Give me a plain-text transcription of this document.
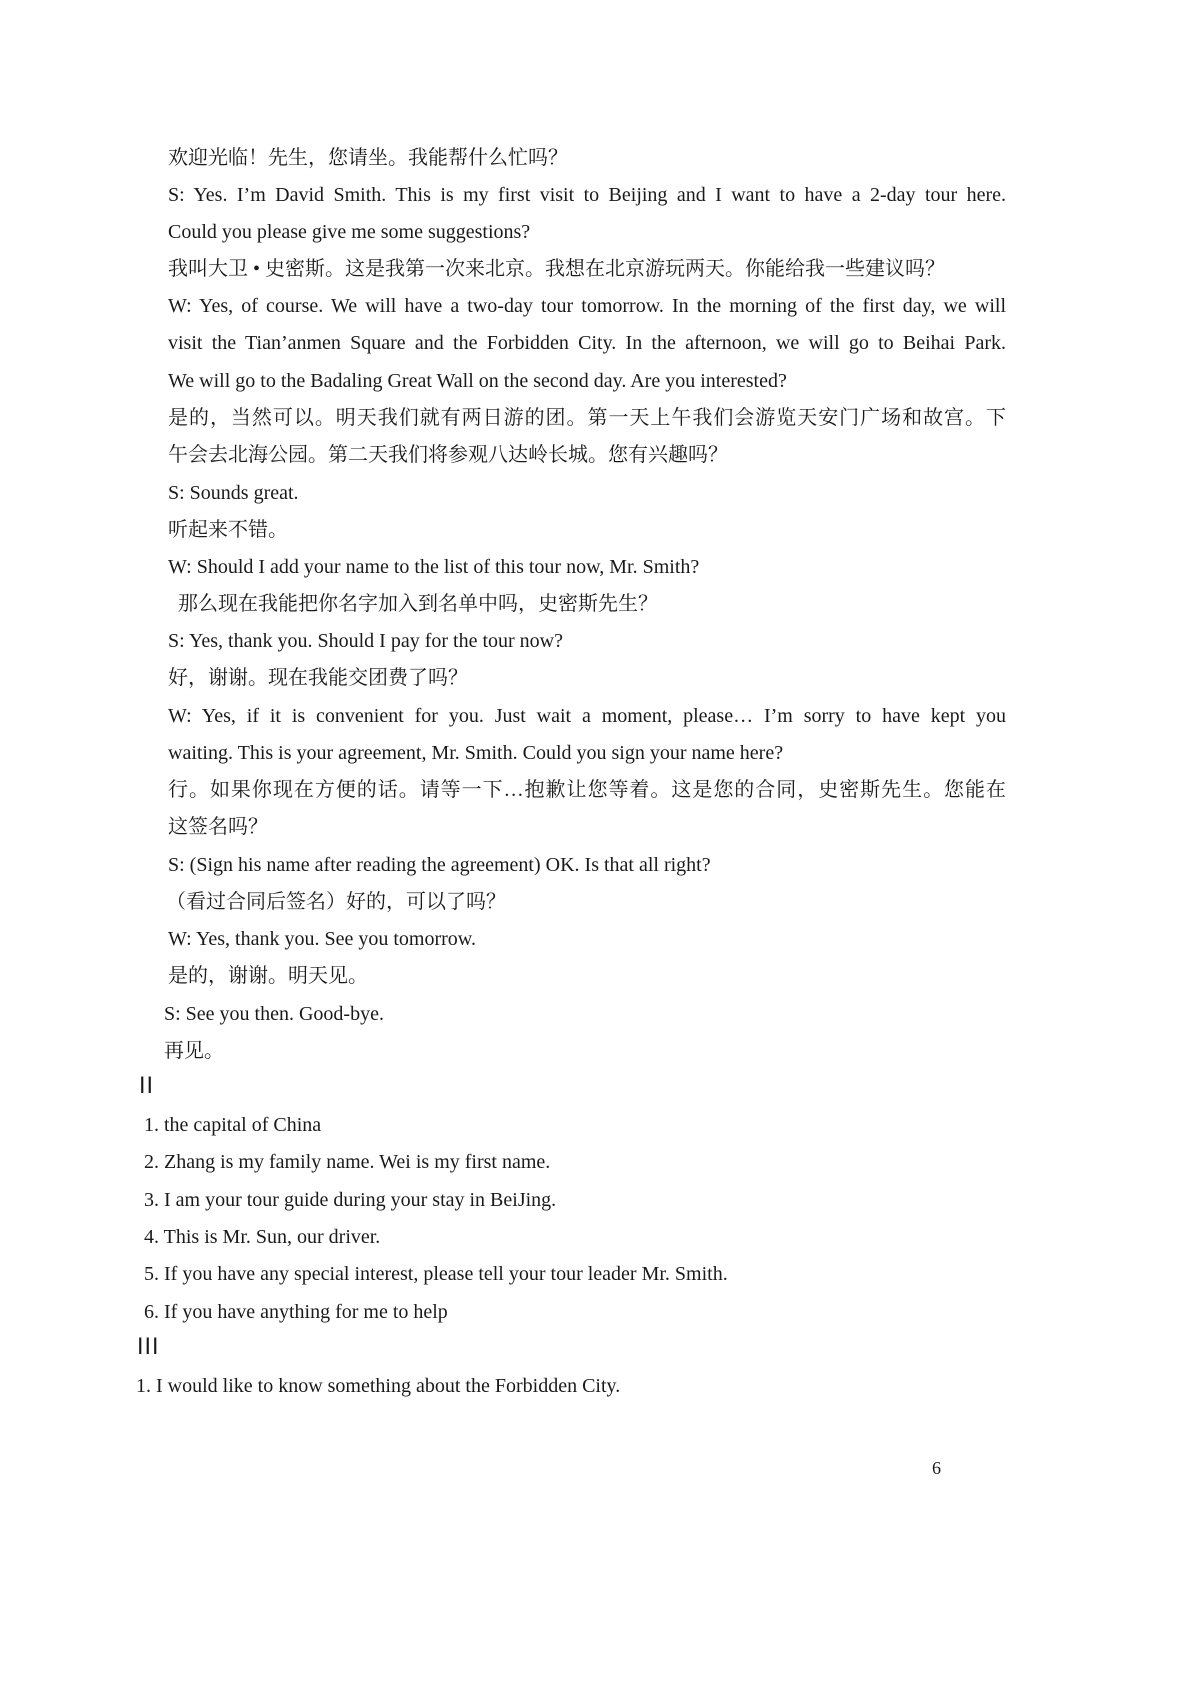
欢迎光临！先生，您请坐。我能帮什么忙吗？
S: Yes. I’m David Smith. This is my first visit to Beijing and I want to have a 2-day tour here.
Could you please give me some suggestions?
我叫大卫 • 史密斯。这是我第一次来北京。我想在北京游玩两天。你能给我一些建议吗？
W: Yes, of course. We will have a two-day tour tomorrow. In the morning of the first day, we will
visit the Tian’anmen Square and the Forbidden City. In the afternoon, we will go to Beihai Park.
We will go to the Badaling Great Wall on the second day. Are you interested?
是的，当然可以。明天我们就有两日游的团。第一天上午我们会游览天安门广场和故宫。下
午会去北海公园。第二天我们将参观八达岭长城。您有兴趣吗？
S: Sounds great.
听起来不错。
W: Should I add your name to the list of this tour now, Mr. Smith?
那么现在我能把你名字加入到名单中吗，史密斯先生？
S: Yes, thank you. Should I pay for the tour now?
好，谢谢。现在我能交团费了吗？
W: Yes, if it is convenient for you. Just wait a moment, please… I’m sorry to have kept you
waiting. This is your agreement, Mr. Smith. Could you sign your name here?
行。如果你现在方便的话。请等一下…抱歉让您等着。这是您的合同，史密斯先生。您能在
这签名吗？
S: (Sign his name after reading the agreement) OK. Is that all right?
（看过合同后签名）好的，可以了吗？
W: Yes, thank you. See you tomorrow.
是的，谢谢。明天见。
S: See you then. Good-bye.
再见。
II
1. the capital of China
2. Zhang is my family name. Wei is my first name.
3. I am your tour guide during your stay in BeiJing.
4. This is Mr. Sun, our driver.
5. If you have any special interest, please tell your tour leader Mr. Smith.
6. If you have anything for me to help
III
1. I would like to know something about the Forbidden City.
6
